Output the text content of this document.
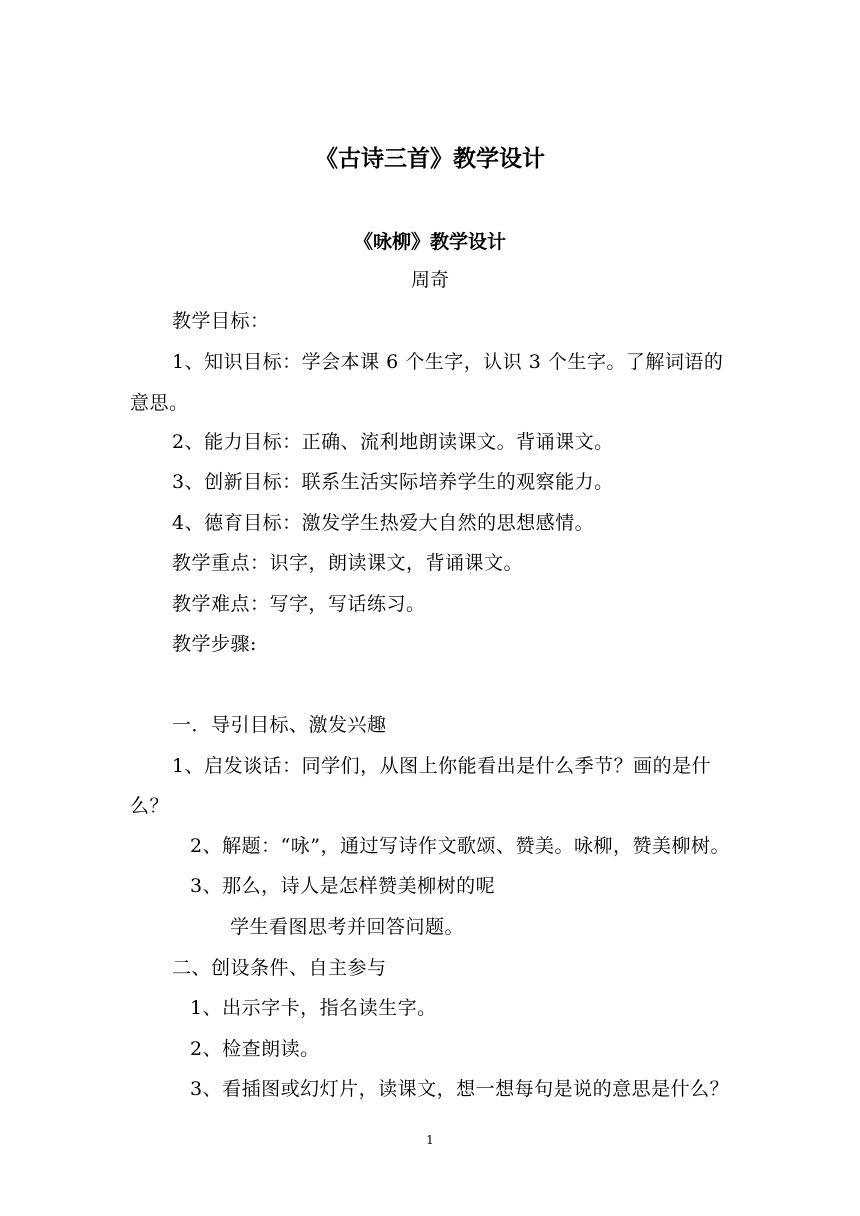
《古诗三首》教学设计
《咏柳》教学设计
周奇
教学目标：
1、知识目标：学会本课 6 个生字，认识 3 个生字。了解词语的
意思。
2、能力目标：正确、流利地朗读课文。背诵课文。
3、创新目标：联系生活实际培养学生的观察能力。
4、德育目标：激发学生热爱大自然的思想感情。
教学重点：识字，朗读课文，背诵课文。
教学难点：写字，写话练习。
教学步骤:
一．导引目标、激发兴趣
1、启发谈话：同学们，从图上你能看出是什么季节？画的是什
么？
2、解题：“咏”，通过写诗作文歌颂、赞美。咏柳，赞美柳树。
3、那么，诗人是怎样赞美柳树的呢
学生看图思考并回答问题。
二、创设条件、自主参与
1、出示字卡，指名读生字。
2、检查朗读。
3、看插图或幻灯片，读课文，想一想每句是说的意思是什么？
1
